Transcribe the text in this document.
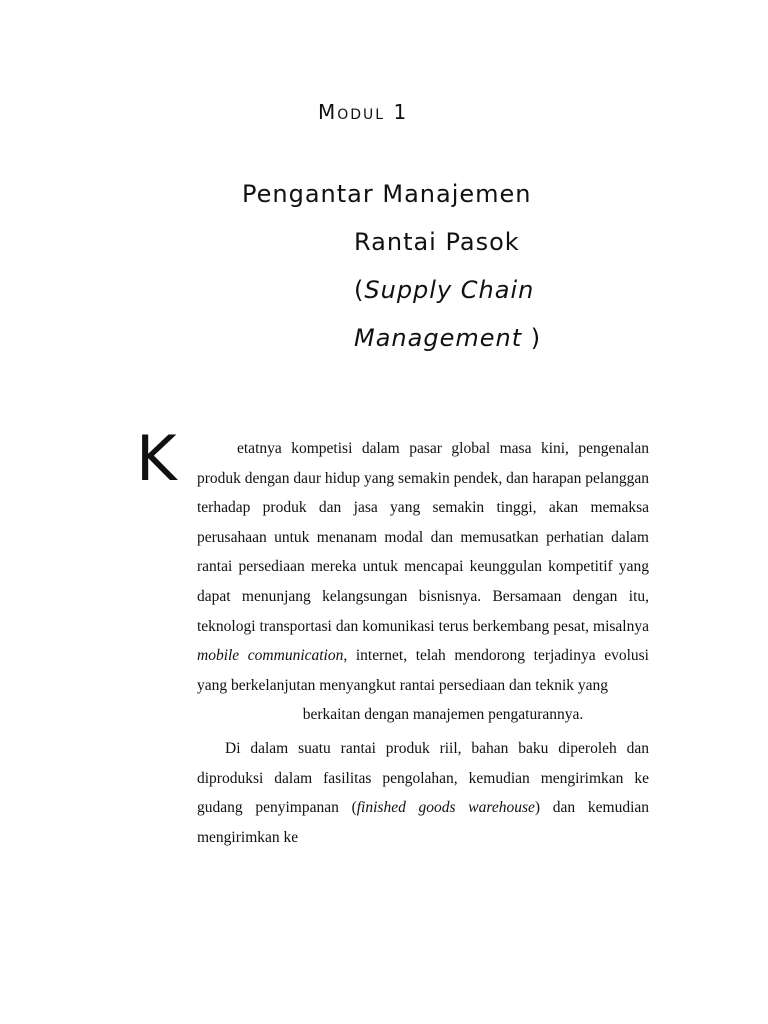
Modul 1
Pengantar Manajemen
Rantai Pasok
(Supply Chain
Management )
K	etatnya kompetisi dalam pasar global masa kini, pengenalan produk dengan daur hidup yang semakin pendek, dan harapan pelanggan terhadap produk dan jasa yang semakin tinggi, akan memaksa perusahaan untuk menanam modal dan memusatkan perhatian dalam rantai persediaan mereka untuk mencapai keunggulan kompetitif yang dapat menunjang kelangsungan bisnisnya. Bersamaan dengan itu, teknologi transportasi dan komunikasi terus berkembang pesat, misalnya mobile communication, internet, telah mendorong terjadinya evolusi yang berkelanjutan menyangkut rantai persediaan dan teknik yang
berkaitan dengan manajemen pengaturannya.

Di dalam suatu rantai produk riil, bahan baku diperoleh dan diproduksi dalam fasilitas pengolahan, kemudian mengirimkan ke gudang penyimpanan (finished goods warehouse) dan kemudian mengirimkan ke
